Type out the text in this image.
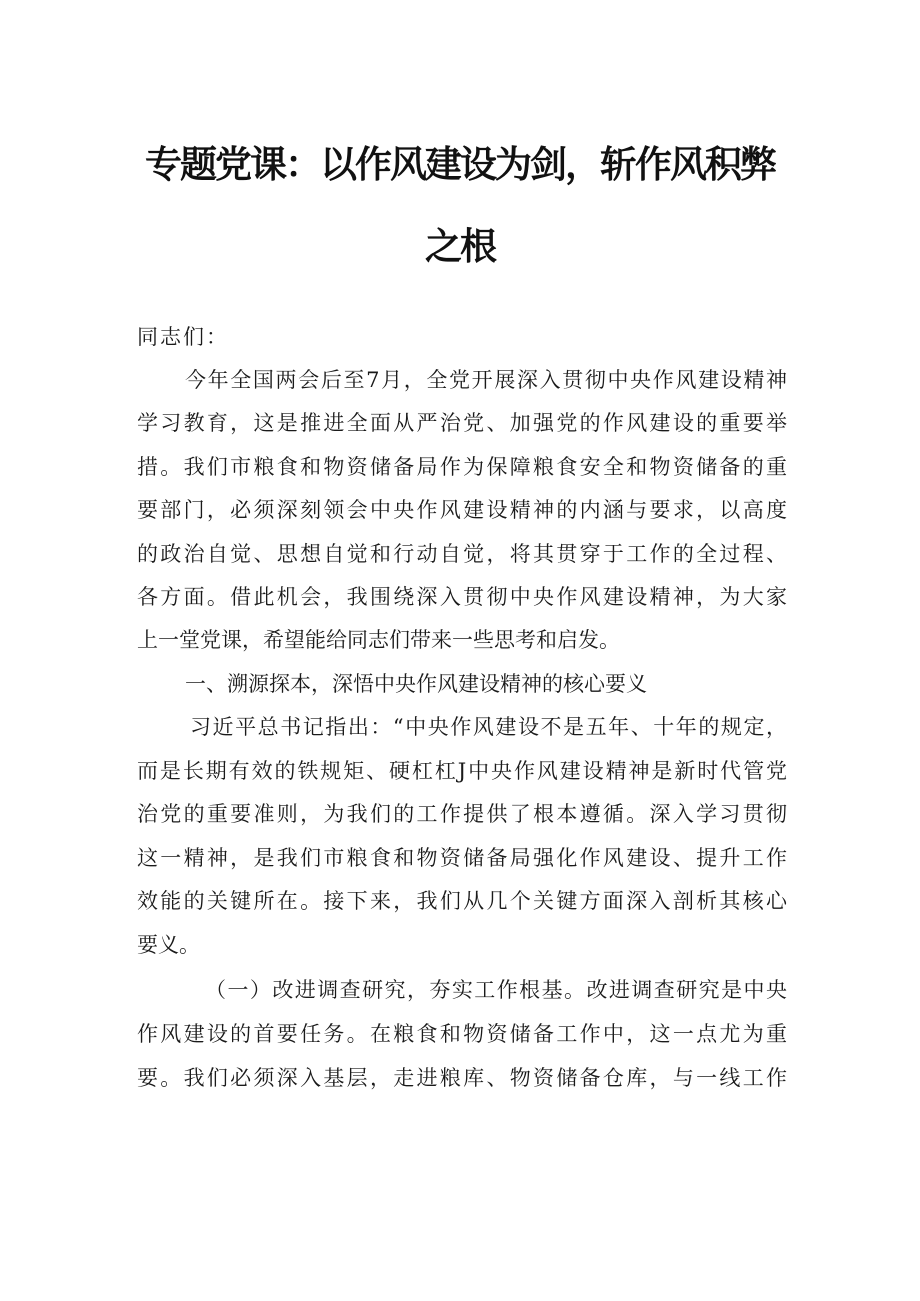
专题党课：以作风建设为剑，斩作风积弊
之根

同志们：

今年全国两会后至7月，全党开展深入贯彻中央作风建设精神

学习教育，这是推进全面从严治党、加强党的作风建设的重要举

措。我们市粮食和物资储备局作为保障粮食安全和物资储备的重

要部门，必须深刻领会中央作风建设精神的内涵与要求，以高度

的政治自觉、思想自觉和行动自觉，将其贯穿于工作的全过程、

各方面。借此机会，我围绕深入贯彻中央作风建设精神，为大家

上一堂党课，希望能给同志们带来一些思考和启发。

一、溯源探本，深悟中央作风建设精神的核心要义

习近平总书记指出：“中央作风建设不是五年、十年的规定，

而是长期有效的铁规矩、硬杠杠J中央作风建设精神是新时代管党

治党的重要准则，为我们的工作提供了根本遵循。深入学习贯彻

这一精神，是我们市粮食和物资储备局强化作风建设、提升工作

效能的关键所在。接下来，我们从几个关键方面深入剖析其核心

要义。

（一）改进调查研究，夯实工作根基。改进调查研究是中央

作风建设的首要任务。在粮食和物资储备工作中，这一点尤为重

要。我们必须深入基层，走进粮库、物资储备仓库，与一线工作
